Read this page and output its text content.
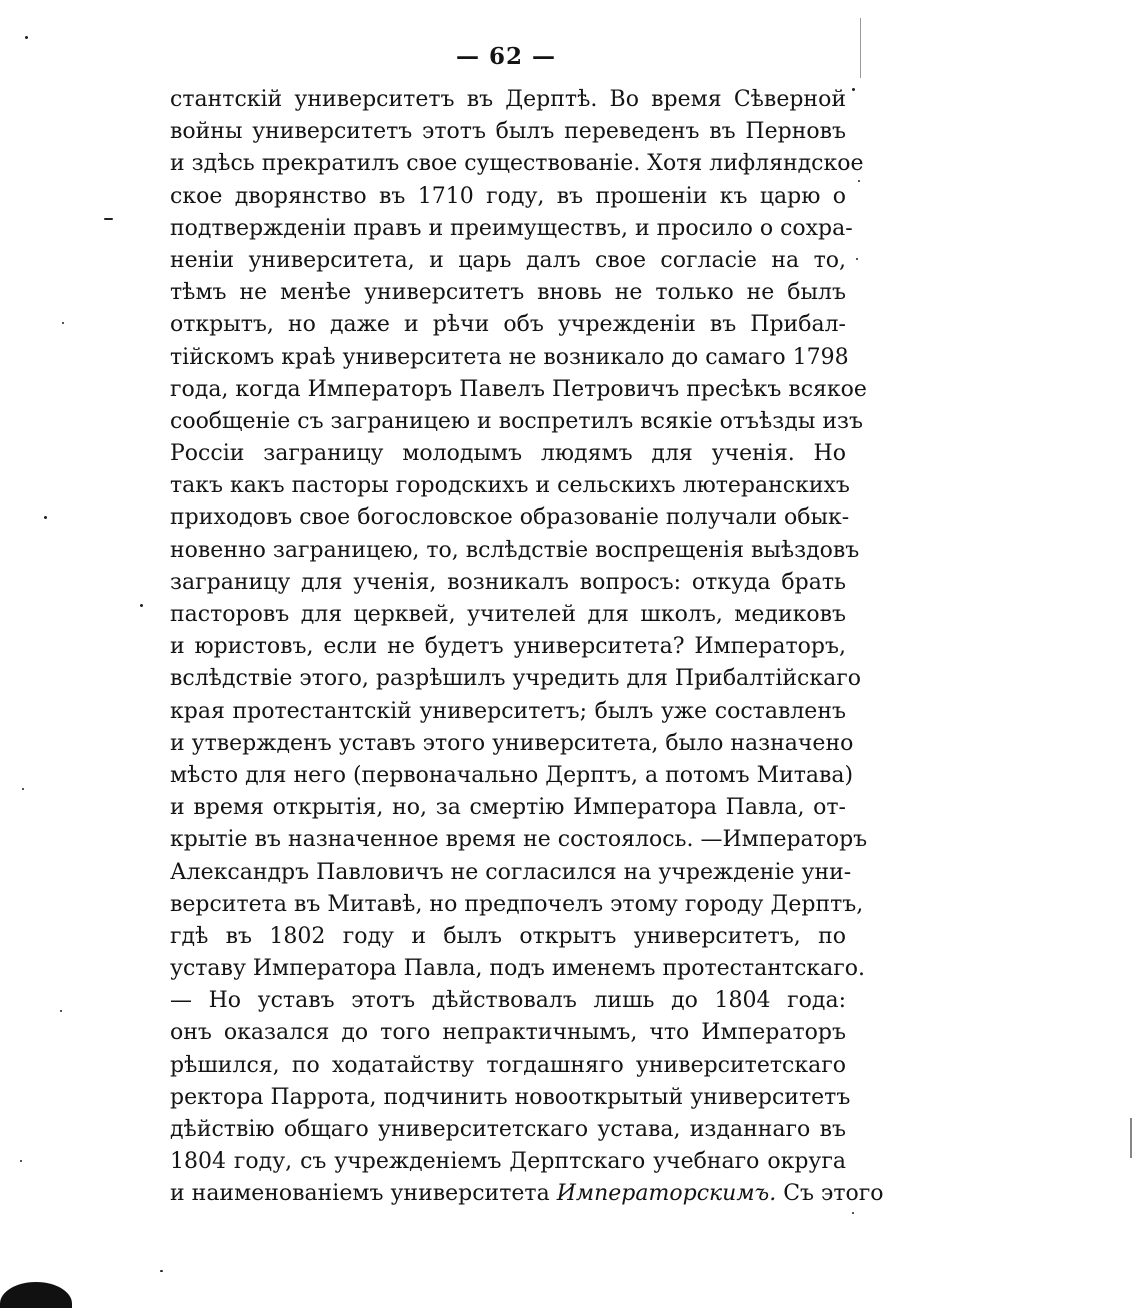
— 62 —
стантскій университетъ въ Дерптѣ. Во время Сѣверной
войны университетъ этотъ былъ переведенъ въ Перновъ
и здѣсь прекратилъ свое существованіе. Хотя лифляндское
ское дворянство въ 1710 году, въ прошеніи къ царю о
подтвержденіи правъ и преимуществъ, и просило о сохра-
неніи университета, и царь далъ свое согласіе на то,
тѣмъ не менѣе университетъ вновь не только не былъ
открытъ, но даже и рѣчи объ учрежденіи въ Прибал-
тійскомъ краѣ университета не возникало до самаго 1798
года, когда Императоръ Павелъ Петровичъ пресѣкъ всякое
сообщеніе съ заграницею и воспретилъ всякіе отъѣзды изъ
Россіи заграницу молодымъ людямъ для ученія. Но
такъ какъ пасторы городскихъ и сельскихъ лютеранскихъ
приходовъ свое богословское образованіе получали обык-
новенно заграницею, то, вслѣдствіе воспрещенія выѣздовъ
заграницу для ученія, возникалъ вопросъ: откуда брать
пасторовъ для церквей, учителей для школъ, медиковъ
и юристовъ, если не будетъ университета? Императоръ,
вслѣдствіе этого, разрѣшилъ учредить для Прибалтійскаго
края протестантскій университетъ; былъ уже составленъ
и утвержденъ уставъ этого университета, было назначено
мѣсто для него (первоначально Дерптъ, а потомъ Митава)
и время открытія, но, за смертію Императора Павла, от-
крытіе въ назначенное время не состоялось. —Императоръ
Александръ Павловичъ не согласился на учрежденіе уни-
верситета въ Митавѣ, но предпочелъ этому городу Дерптъ,
гдѣ въ 1802 году и былъ открытъ университетъ, по
уставу Императора Павла, подъ именемъ протестантскаго.
— Но уставъ этотъ дѣйствовалъ лишь до 1804 года:
онъ оказался до того непрактичнымъ, что Императоръ
рѣшился, по ходатайству тогдашняго университетскаго
ректора Паррота, подчинить новооткрытый университетъ
дѣйствію общаго университетскаго устава, изданнаго въ
1804 году, съ учрежденіемъ Дерптскаго учебнаго округа
и наименованіемъ университета Императорскимъ. Съ этого
